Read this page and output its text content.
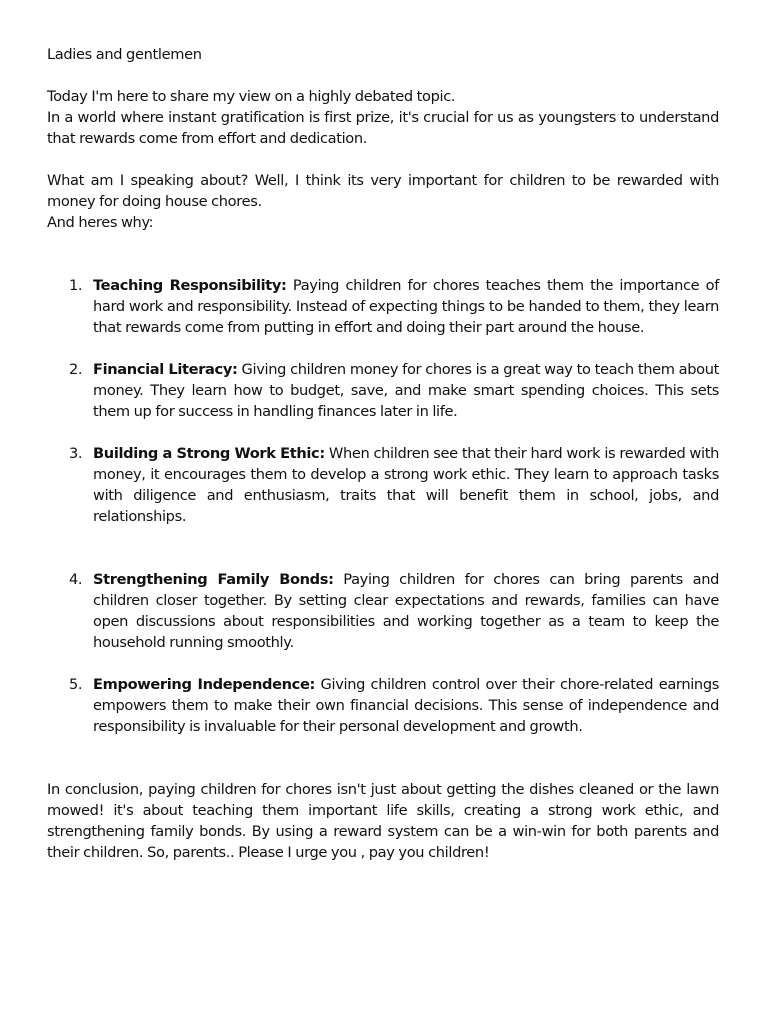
Ladies and gentlemen

Today I'm here to share my view on a highly debated topic.

In a world where instant gratification is first prize, it's crucial for us as youngsters to understand that rewards come from effort and dedication.

What am I speaking about? Well, I think its very important for children to be rewarded with money for doing house chores.

And heres why:

1. Teaching Responsibility: Paying children for chores teaches them the importance of hard work and responsibility. Instead of expecting things to be handed to them, they learn that rewards come from putting in effort and doing their part around the house.
2. Financial Literacy: Giving children money for chores is a great way to teach them about money. They learn how to budget, save, and make smart spending choices. This sets them up for success in handling finances later in life.
3. Building a Strong Work Ethic: When children see that their hard work is rewarded with money, it encourages them to develop a strong work ethic. They learn to approach tasks with diligence and enthusiasm, traits that will benefit them in school, jobs, and relationships.
4. Strengthening Family Bonds: Paying children for chores can bring parents and children closer together. By setting clear expectations and rewards, families can have open discussions about responsibilities and working together as a team to keep the household running smoothly.
5. Empowering Independence: Giving children control over their chore-related earnings empowers them to make their own financial decisions. This sense of independence and responsibility is invaluable for their personal development and growth.

In conclusion, paying children for chores isn't just about getting the dishes cleaned or the lawn mowed! it's about teaching them important life skills, creating a strong work ethic, and strengthening family bonds. By using a reward system can be a win-win for both parents and their children. So, parents.. Please I urge you , pay you children!
